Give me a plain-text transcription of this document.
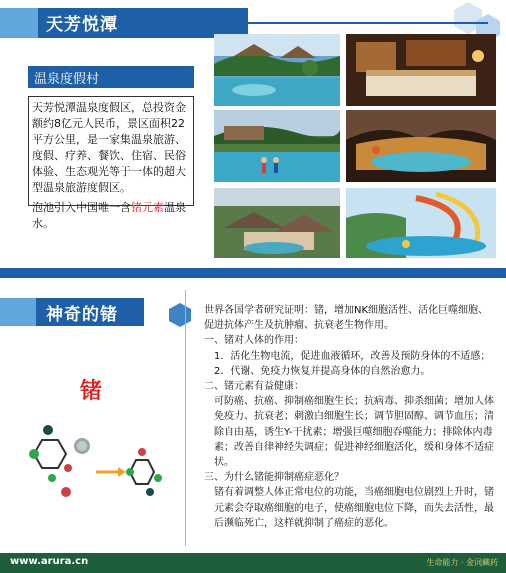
天芳悦潭
温泉度假村
天芳悦潭温泉度假区，总投资金额约8亿元人民币，景区面积22平方公里，是一家集温泉旅游、度假、疗养、餐饮、住宿、民俗体验、生态观光等于一体的超大型温泉旅游度假区。
泡池引入中国唯一含锗元素温泉水。
神奇的锗
锗

世界各国学者研究证明：锗，增加NK细胞活性、活化巨噬细胞、促进抗体产生及抗肿瘤、抗衰老生物作用。

一、锗对人体的作用：

1．活化生物电流，促进血液循环，改善及预防身体的不适感；

2．代谢、免疫力恢复并提高身体的自然治愈力。

二、锗元素有益健康：

可防癌、抗癌、抑制癌细胞生长；抗病毒、抑杀细菌；增加人体免疫力、抗衰老；刺激白细胞生长；调节胆固醇、调节血压；清除自由基，诱生Y-干扰素；增强巨噬细胞吞噬能力；排除体内毒素；改善自律神经失调症；促进神经细胞活化，缓和身体不适症状。

三、为什么锗能抑制癌症恶化？

锗有着调整人体正常电位的功能，当癌细胞电位剧烈上升时，锗元素会夺取癌细胞的电子，使癌细胞电位下降，而失去活性，最后濒临死亡，这样就抑制了癌症的恶化。

www.arura.cn	生命能力 · 金词藏药
